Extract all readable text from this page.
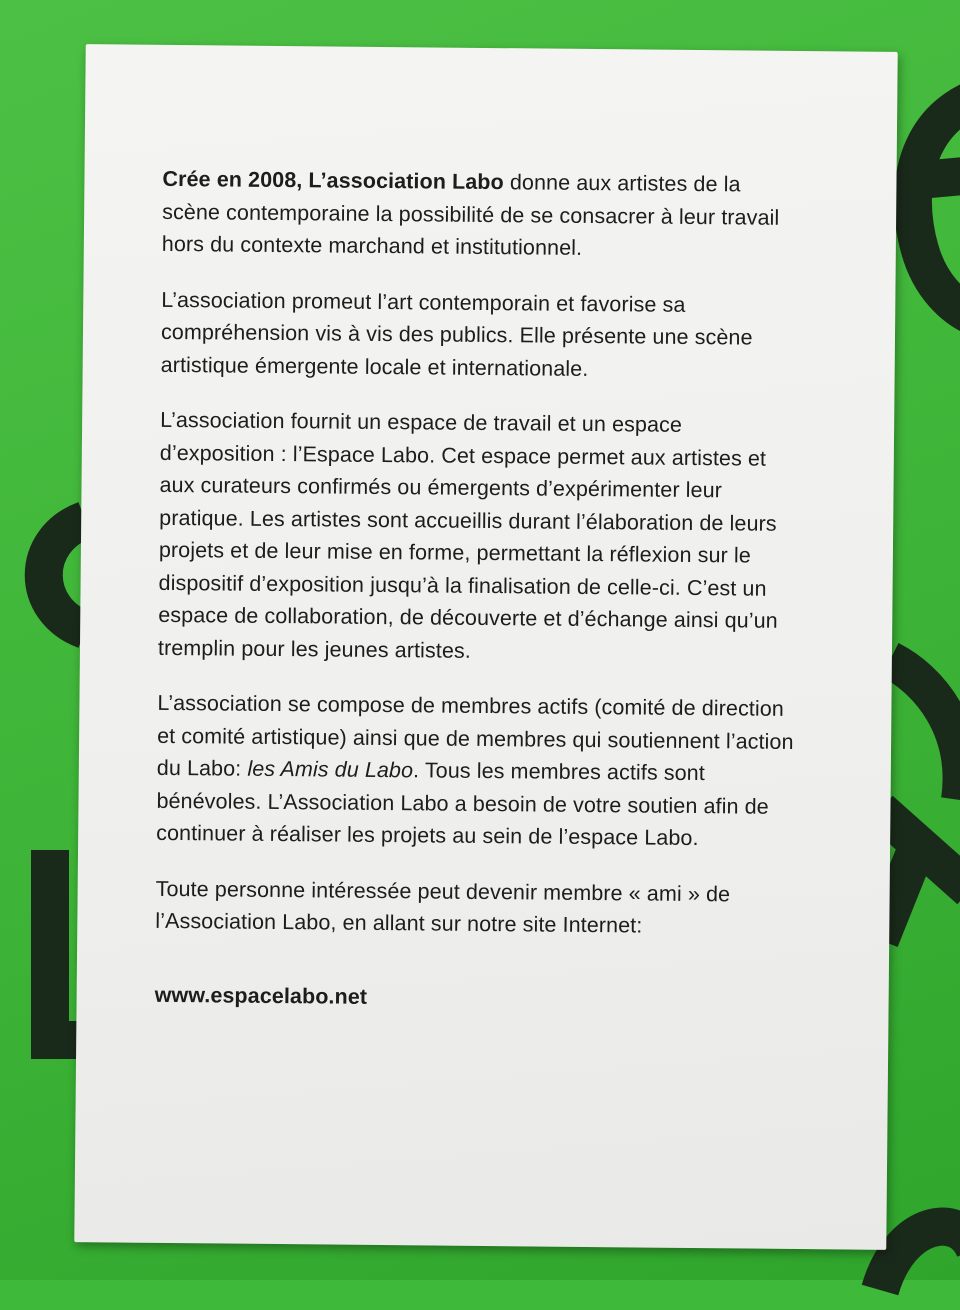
Crée en 2008, L’association Labo donne aux artistes de la scène contemporaine la possibilité de se consacrer à leur travail hors du contexte marchand et institutionnel.

L’association promeut l’art contemporain et favorise sa compréhension vis à vis des publics. Elle présente une scène artistique émergente locale et internationale.

L’association fournit un espace de travail et un espace d’exposition : l’Espace Labo. Cet espace permet aux artistes et aux curateurs confirmés ou émergents d’expérimenter leur pratique. Les artistes sont accueillis durant l’élaboration de leurs projets et de leur mise en forme, permettant la réflexion sur le dispositif d’exposition jusqu’à la finalisation de celle-ci. C’est un espace de collaboration, de découverte et d’échange ainsi qu’un tremplin pour les jeunes artistes.

L’association se compose de membres actifs (comité de direction et comité artistique) ainsi que de membres qui soutiennent l’action du Labo: les Amis du Labo. Tous les membres actifs sont bénévoles. L’Association Labo a besoin de votre soutien afin de continuer à réaliser les projets au sein de l’espace Labo.

Toute personne intéressée peut devenir membre « ami » de l’Association Labo, en allant sur notre site Internet:

www.espacelabo.net
